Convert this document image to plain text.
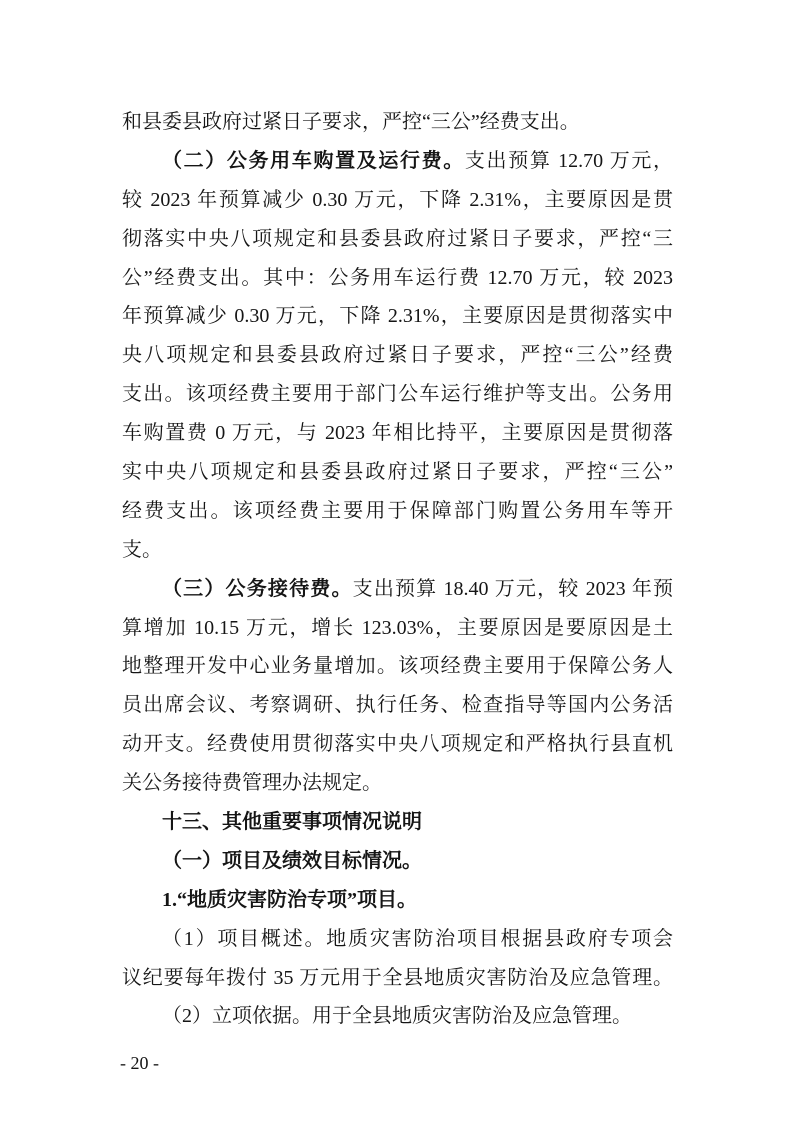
和县委县政府过紧日子要求，严控“三公”经费支出。
（二）公务用车购置及运行费。支出预算 12.70 万元，
较 2023 年预算减少 0.30 万元，下降 2.31%，主要原因是贯
彻落实中央八项规定和县委县政府过紧日子要求，严控“三
公”经费支出。其中：公务用车运行费 12.70 万元，较 2023
年预算减少 0.30 万元，下降 2.31%，主要原因是贯彻落实中
央八项规定和县委县政府过紧日子要求，严控“三公”经费
支出。该项经费主要用于部门公车运行维护等支出。公务用
车购置费 0 万元，与 2023 年相比持平，主要原因是贯彻落
实中央八项规定和县委县政府过紧日子要求，严控“三公”
经费支出。该项经费主要用于保障部门购置公务用车等开
支。
（三）公务接待费。支出预算 18.40 万元，较 2023 年预
算增加 10.15 万元，增长 123.03%，主要原因是要原因是土
地整理开发中心业务量增加。该项经费主要用于保障公务人
员出席会议、考察调研、执行任务、检查指导等国内公务活
动开支。经费使用贯彻落实中央八项规定和严格执行县直机
关公务接待费管理办法规定。
十三、其他重要事项情况说明
（一）项目及绩效目标情况。
1.“地质灾害防治专项”项目。
（1）项目概述。地质灾害防治项目根据县政府专项会
议纪要每年拨付 35 万元用于全县地质灾害防治及应急管理。
（2）立项依据。用于全县地质灾害防治及应急管理。
- 20 -
